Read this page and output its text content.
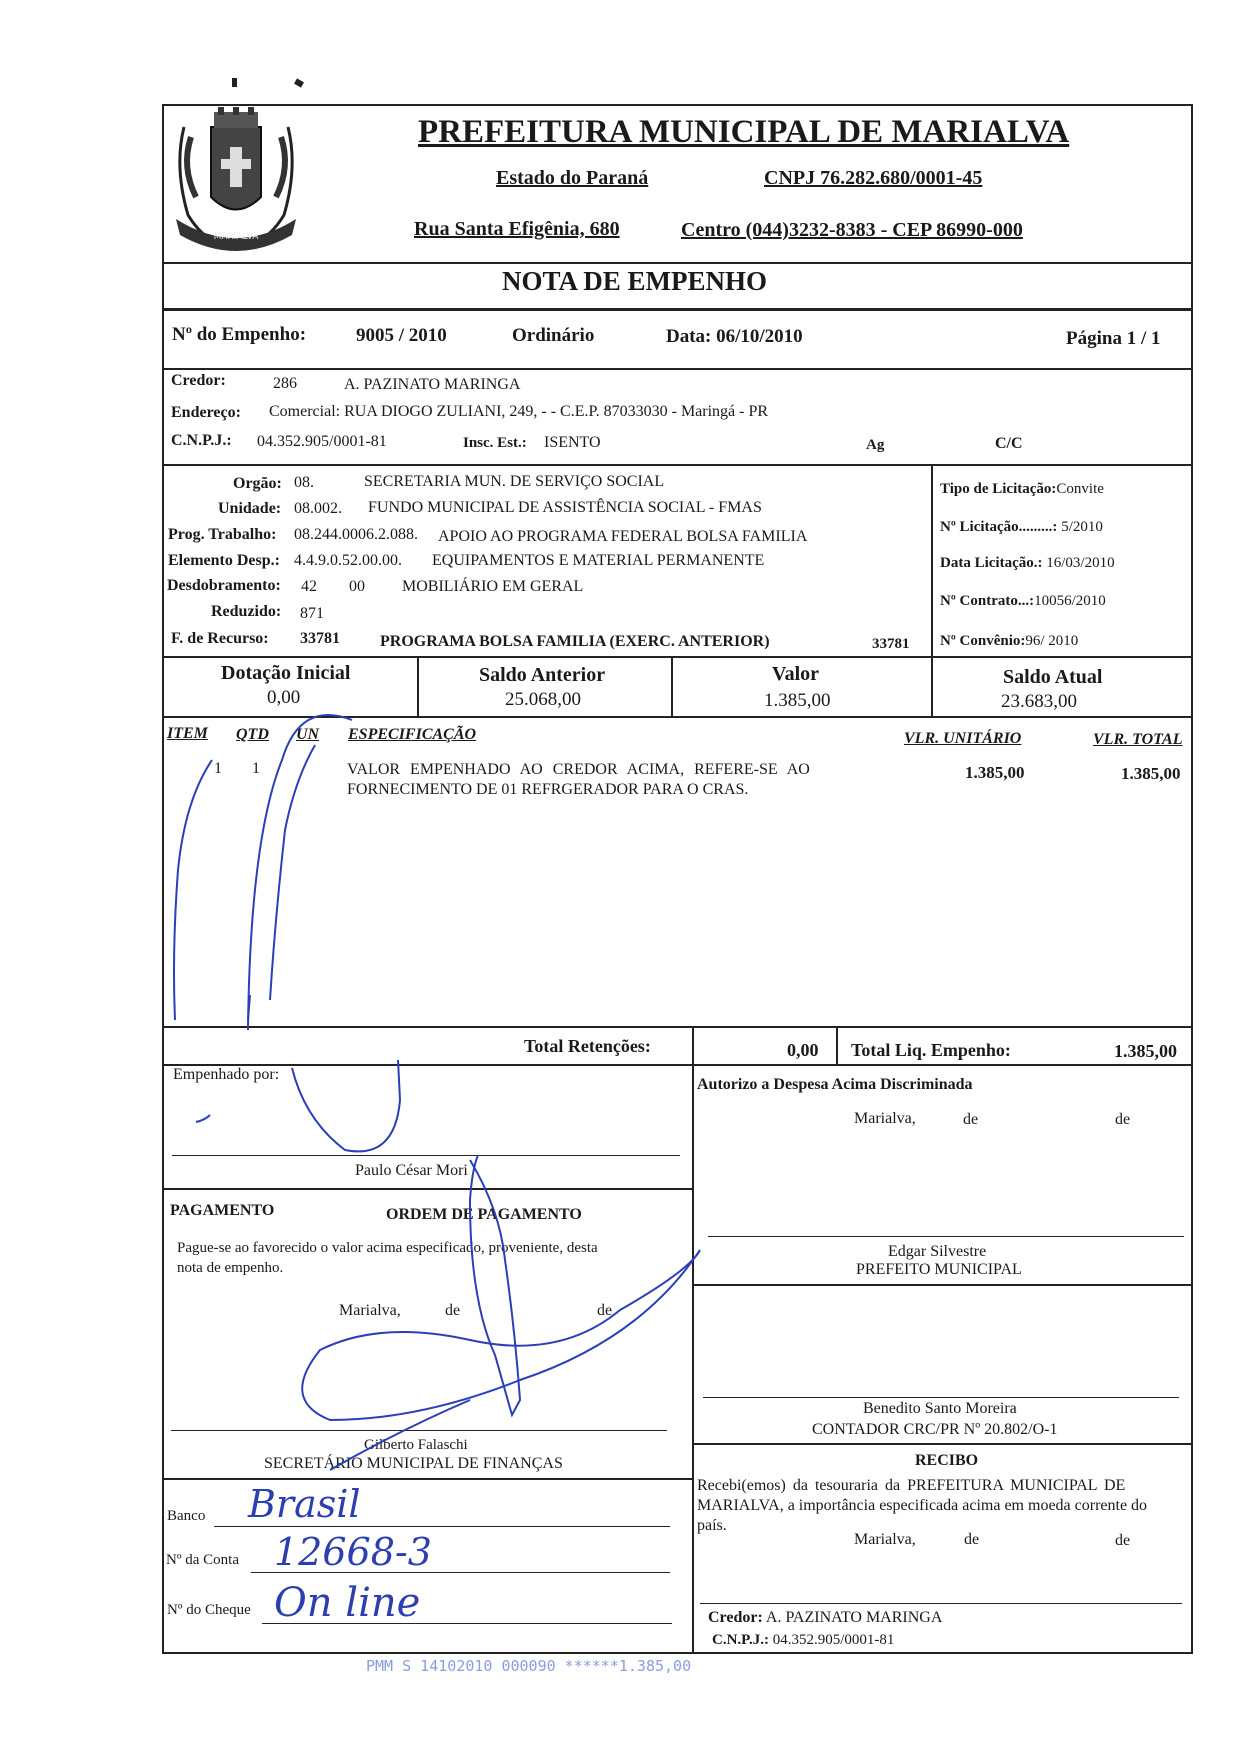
MARIALVA
PREFEITURA MUNICIPAL DE MARIALVA
Estado do Paraná	CNPJ 76.282.680/0001-45
Rua Santa Efigênia, 680	Centro (044)3232-8383 - CEP 86990-000
NOTA DE EMPENHO
Nº do Empenho:	9005 / 2010	Ordinário	Data: 06/10/2010	Página 1 / 1
Credor:	286	A. PAZINATO MARINGA
Endereço: Comercial: RUA DIOGO ZULIANI, 249, - - C.E.P. 87033030 - Maringá - PR
C.N.P.J.: 04.352.905/0001-81	Insc. Est.: ISENTO	Ag	C/C
Orgão: 08.	SECRETARIA MUN. DE SERVIÇO SOCIAL
Unidade: 08.002. FUNDO MUNICIPAL DE ASSISTÊNCIA SOCIAL - FMAS
Prog. Trabalho: 08.244.0006.2.088. APOIO AO PROGRAMA FEDERAL BOLSA FAMILIA
Elemento Desp.: 4.4.9.0.52.00.00. EQUIPAMENTOS E MATERIAL PERMANENTE
Desdobramento: 42 00 MOBILIÁRIO EM GERAL
Reduzido: 871
F. de Recurso: 33781	PROGRAMA BOLSA FAMILIA (EXERC. ANTERIOR)	33781
Tipo de Licitação:Convite
Nº Licitação.........: 5/2010
Data Licitação.: 16/03/2010
Nº Contrato...:10056/2010
Nº Convênio:96/ 2010
Dotação Inicial
0,00
Saldo Anterior
25.068,00
Valor
1.385,00
Saldo Atual
23.683,00
ITEM QTD UN ESPECIFICAÇÃO	VLR. UNITÁRIO	VLR. TOTAL
1 1	VALOR EMPENHADO AO CREDOR ACIMA, REFERE-SE AO
FORNECIMENTO DE 01 REFRGERADOR PARA O CRAS.
1.385,00	1.385,00
Total Retenções:	0,00 Total Liq. Empenho:	1.385,00
Empenhado por:
Paulo César Mori
Autorizo a Despesa Acima Discriminada
Marialva,	de	de
Edgar Silvestre
PREFEITO MUNICIPAL
Benedito Santo Moreira
CONTADOR CRC/PR Nº 20.802/O-1
PAGAMENTO	ORDEM DE PAGAMENTO
Pague-se ao favorecido o valor acima especificado, proveniente, desta
nota de empenho.
Marialva,	de	de
Gilberto Falaschi
SECRETÁRIO MUNICIPAL DE FINANÇAS
Banco Brasil
Nº da Conta 12668-3
Nº do Cheque On line
RECIBO
Recebi(emos) da tesouraria da PREFEITURA MUNICIPAL DE
MARIALVA, a importância especificada acima em moeda corrente do
país.
Marialva,	de	de
Credor: A. PAZINATO MARINGA
C.N.P.J.: 04.352.905/0001-81
PMM S 14102010 000090 ******1.385,00
